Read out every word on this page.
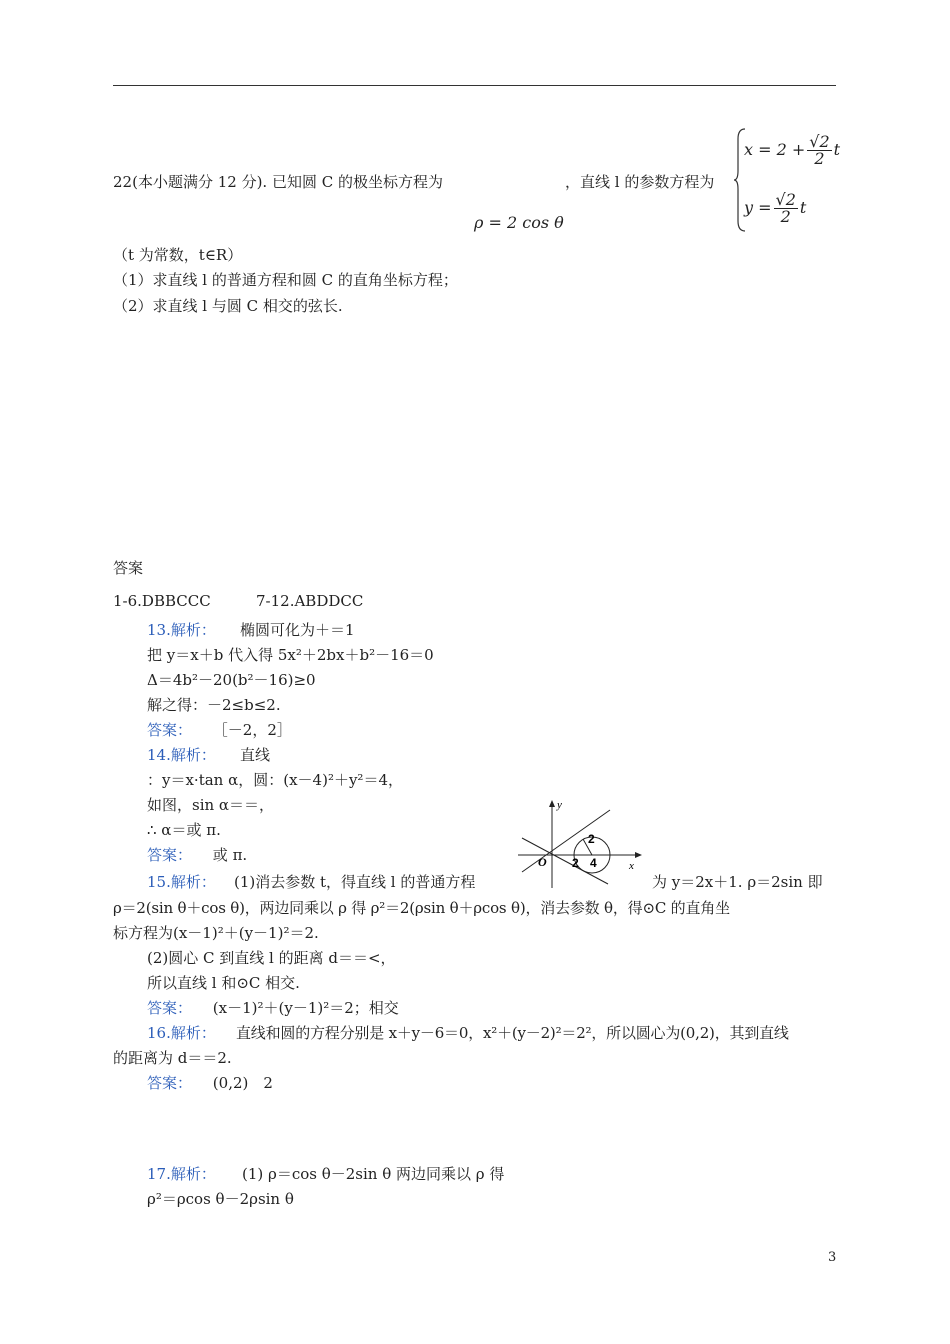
22(本小题满分 12 分). 已知圆 C 的极坐标方程为	，直线 l 的参数方程为
ρ = 2 cos θ
$x = 2 + \frac{√2}{2}$ t
$y = \frac{√2}{2}$ t
（t 为常数，t∈R）
（1）求直线 l 的普通方程和圆 C 的直角坐标方程；
（2）求直线 l 与圆 C 相交的弦长.
答案
1-6.DBBCCC	7-12.ABDDCC
13.解析： 椭圆可化为＋＝1
把 y＝x＋b 代入得 5x²＋2bx＋b²－16＝0
Δ＝4b²－20(b²－16)≥0
解之得：－2≤b≤2.
答案： ［－2，2］
14.解析： 直线
：y＝x·tan α，圆：(x－4)²＋y²＝4，
如图，sin α＝＝，
∴ α＝或 π.
答案： 或 π.
y
x
O 2
2
4
15.解析： (1)消去参数 t，得直线 l 的普通方程	为 y＝2x＋1. ρ＝2sin 即
ρ＝2(sin θ＋cos θ)，两边同乘以 ρ 得 ρ²＝2(ρsin θ＋ρcos θ)，消去参数 θ，得⊙C 的直角坐
标方程为(x－1)²＋(y－1)²＝2.
(2)圆心 C 到直线 l 的距离 d＝＝<，
所以直线 l 和⊙C 相交.
答案： (x－1)²＋(y－1)²＝2；相交
16.解析： 直线和圆的方程分别是 x＋y－6＝0，x²＋(y－2)²＝2²，所以圆心为(0,2)，其到直线
的距离为 d＝＝2.
答案： (0,2)　2
17.解析： (1) ρ＝cos θ－2sin θ 两边同乘以 ρ 得
ρ²＝ρcos θ－2ρsin θ
3
